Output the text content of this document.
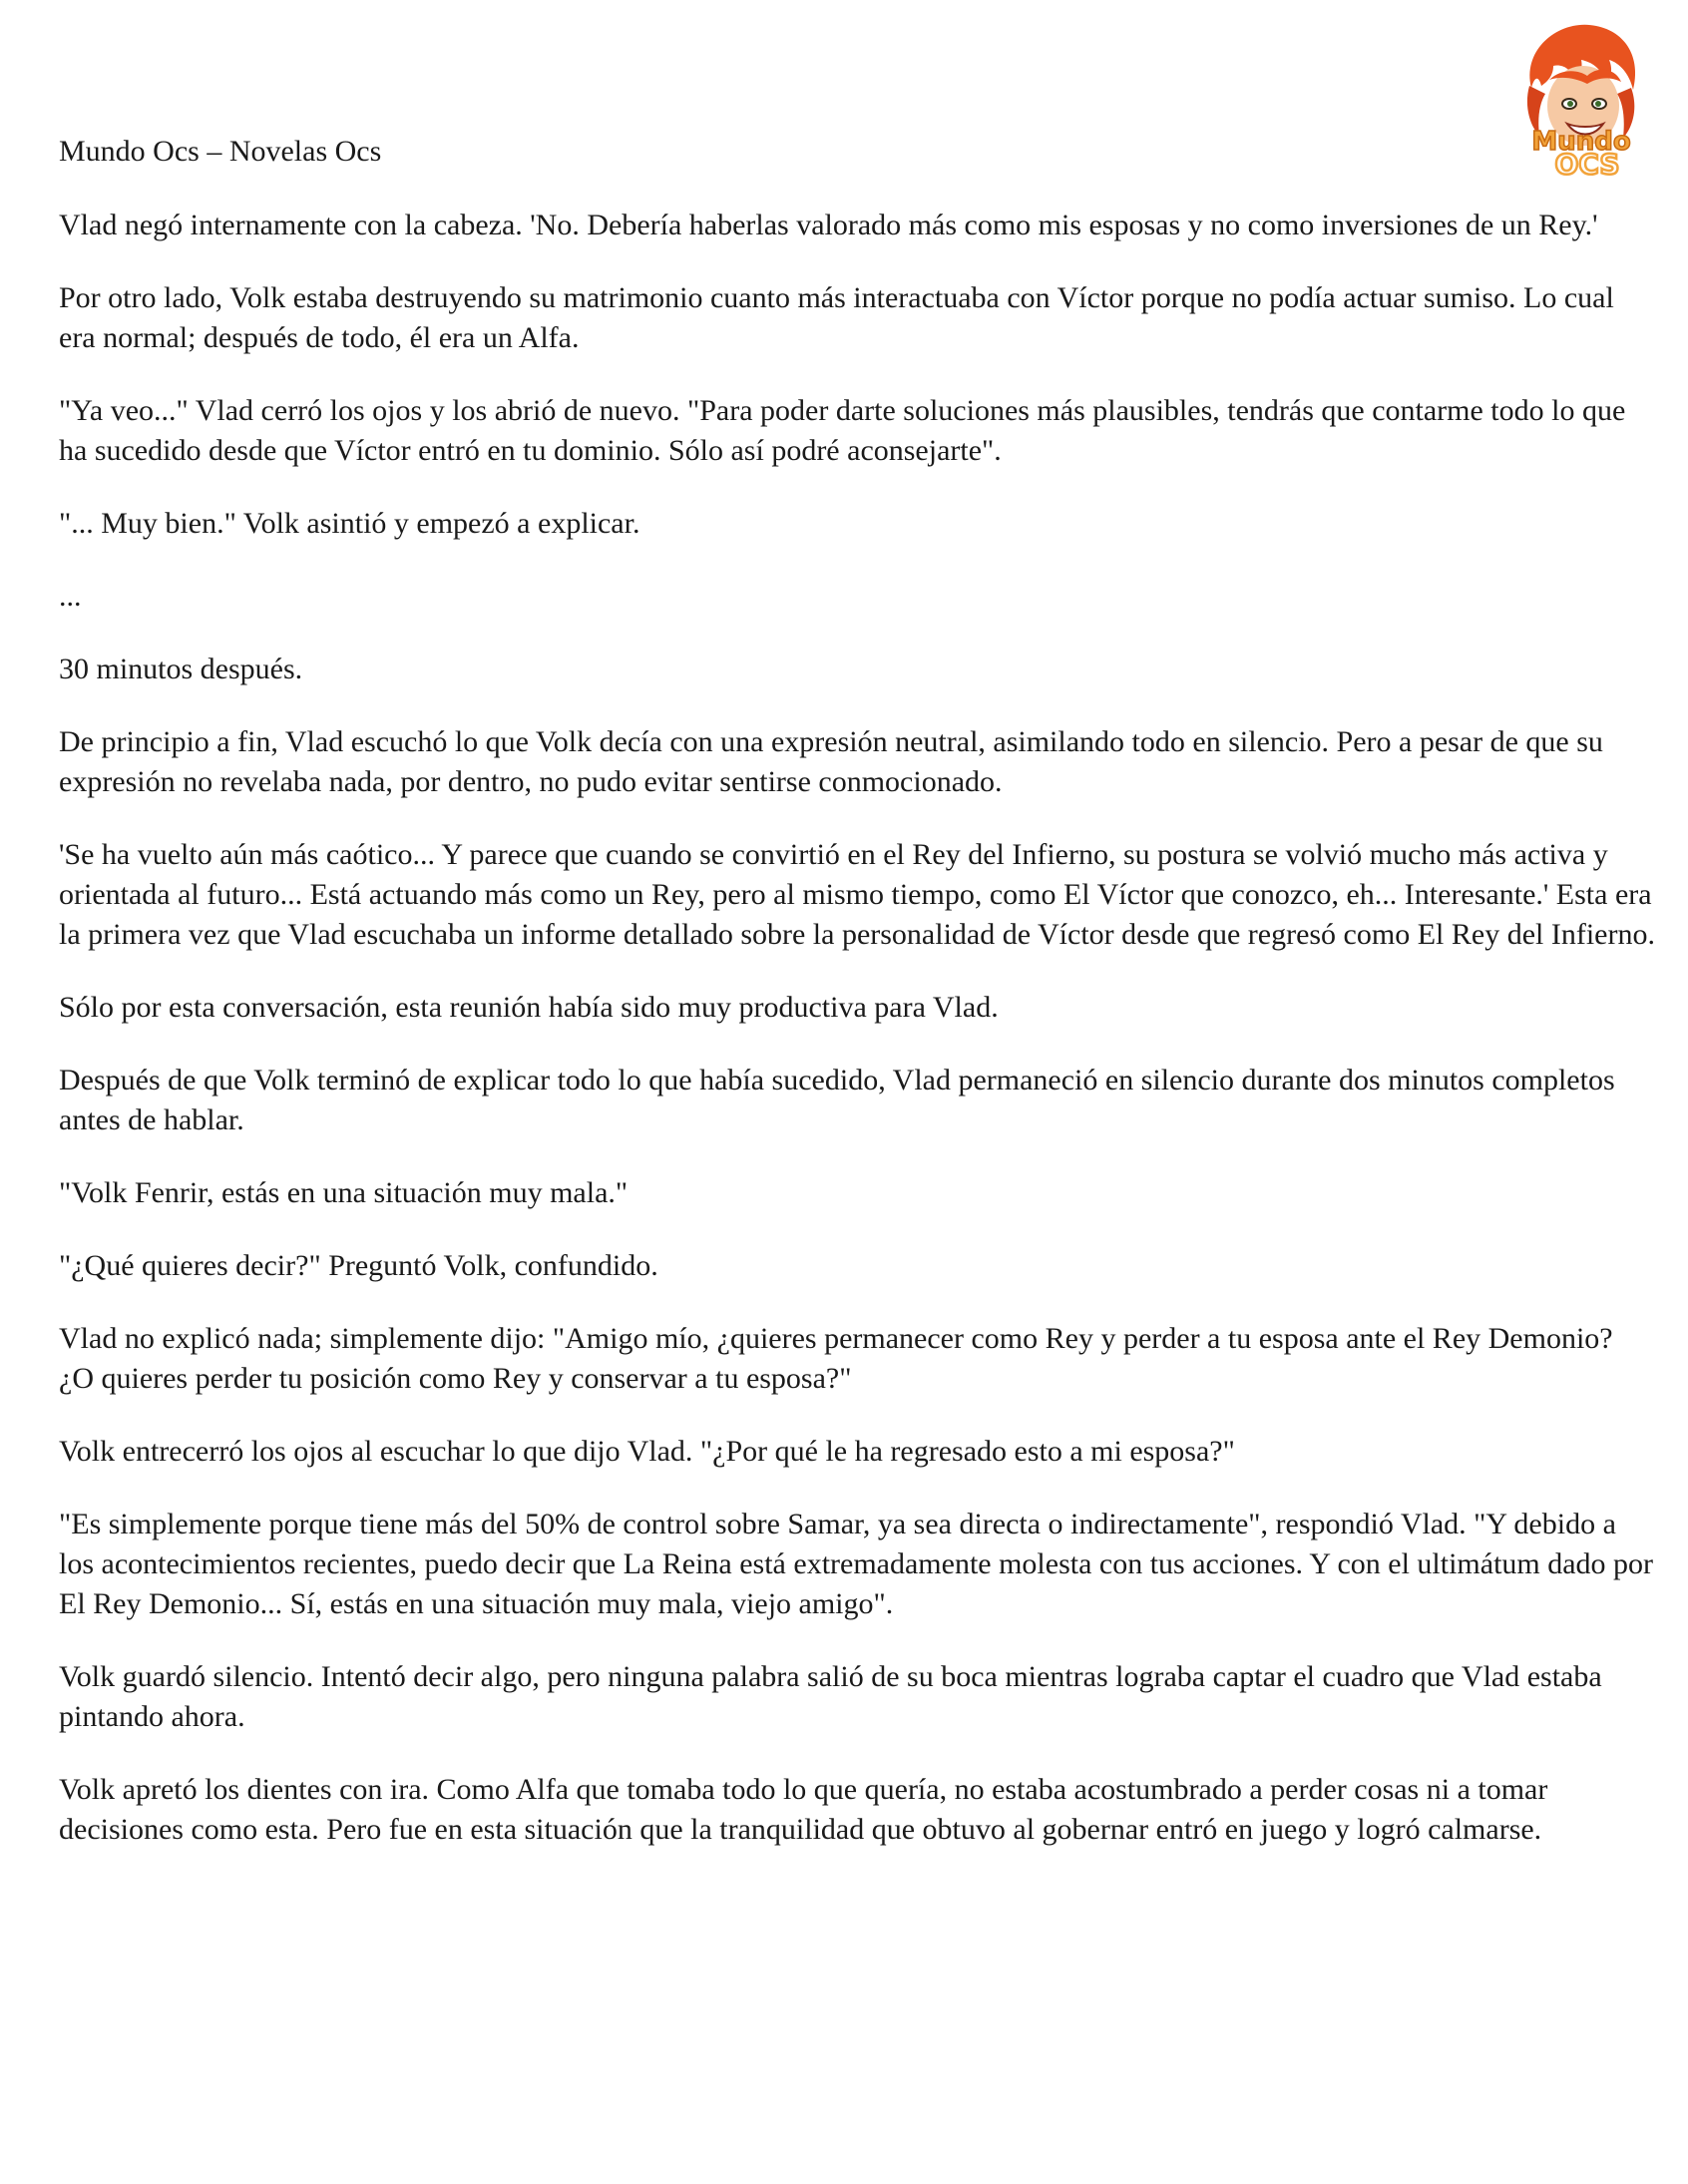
Mundo Ocs – Novelas Ocs	Mundo
OCS

Vlad negó internamente con la cabeza. 'No. Debería haberlas valorado más como mis esposas y no como inversiones de un Rey.'

Por otro lado, Volk estaba destruyendo su matrimonio cuanto más interactuaba con Víctor porque no podía actuar sumiso. Lo cual era normal; después de todo, él era un Alfa.

"Ya veo..." Vlad cerró los ojos y los abrió de nuevo. "Para poder darte soluciones más plausibles, tendrás que contarme todo lo que ha sucedido desde que Víctor entró en tu dominio. Sólo así podré aconsejarte".

"... Muy bien." Volk asintió y empezó a explicar.

...

30 minutos después.

De principio a fin, Vlad escuchó lo que Volk decía con una expresión neutral, asimilando todo en silencio. Pero a pesar de que su expresión no revelaba nada, por dentro, no pudo evitar sentirse conmocionado.

'Se ha vuelto aún más caótico... Y parece que cuando se convirtió en el Rey del Infierno, su postura se volvió mucho más activa y orientada al futuro... Está actuando más como un Rey, pero al mismo tiempo, como El Víctor que conozco, eh... Interesante.' Esta era la primera vez que Vlad escuchaba un informe detallado sobre la personalidad de Víctor desde que regresó como El Rey del Infierno.

Sólo por esta conversación, esta reunión había sido muy productiva para Vlad.

Después de que Volk terminó de explicar todo lo que había sucedido, Vlad permaneció en silencio durante dos minutos completos antes de hablar.

"Volk Fenrir, estás en una situación muy mala."

"¿Qué quieres decir?" Preguntó Volk, confundido.

Vlad no explicó nada; simplemente dijo: "Amigo mío, ¿quieres permanecer como Rey y perder a tu esposa ante el Rey Demonio? ¿O quieres perder tu posición como Rey y conservar a tu esposa?"

Volk entrecerró los ojos al escuchar lo que dijo Vlad. "¿Por qué le ha regresado esto a mi esposa?"

"Es simplemente porque tiene más del 50% de control sobre Samar, ya sea directa o indirectamente", respondió Vlad. "Y debido a los acontecimientos recientes, puedo decir que La Reina está extremadamente molesta con tus acciones. Y con el ultimátum dado por El Rey Demonio... Sí, estás en una situación muy mala, viejo amigo".

Volk guardó silencio. Intentó decir algo, pero ninguna palabra salió de su boca mientras lograba captar el cuadro que Vlad estaba pintando ahora.

Volk apretó los dientes con ira. Como Alfa que tomaba todo lo que quería, no estaba acostumbrado a perder cosas ni a tomar decisiones como esta. Pero fue en esta situación que la tranquilidad que obtuvo al gobernar entró en juego y logró calmarse.
